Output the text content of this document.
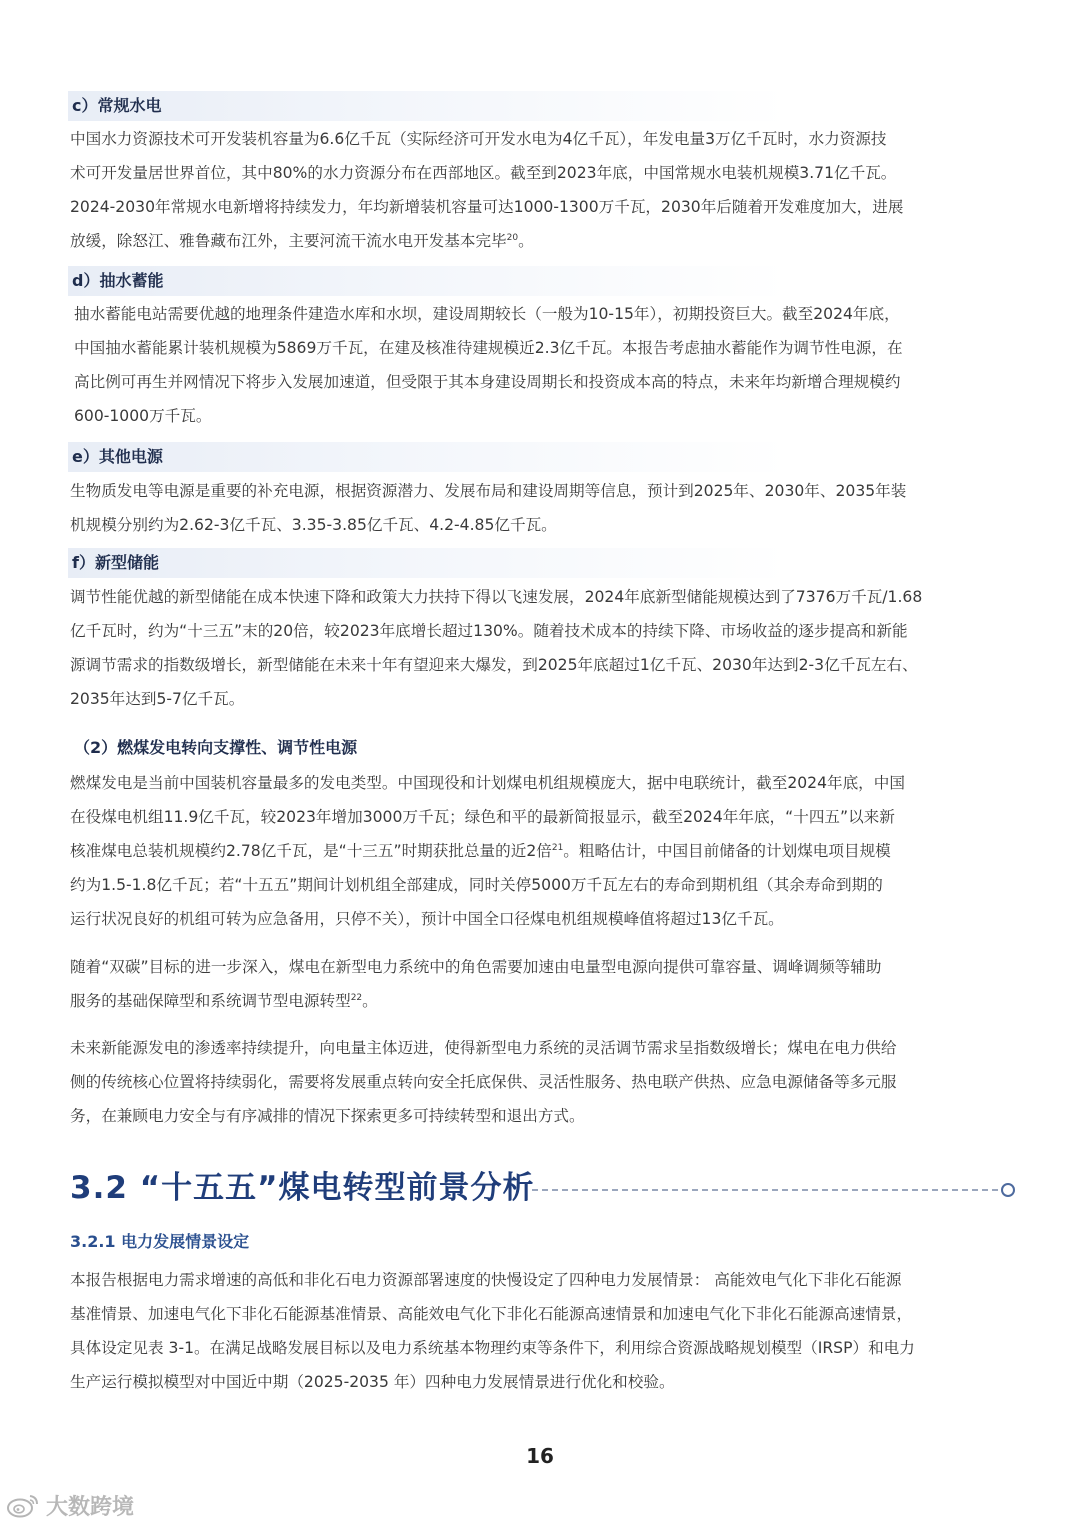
c）常规水电

中国水力资源技术可开发装机容量为6.6亿千瓦（实际经济可开发水电为4亿千瓦），年发电量3万亿千瓦时，水力资源技
术可开发量居世界首位，其中80%的水力资源分布在西部地区。截至到2023年底，中国常规水电装机规模3.71亿千瓦。
2024-2030年常规水电新增将持续发力，年均新增装机容量可达1000-1300万千瓦，2030年后随着开发难度加大，进展
放缓，除怒江、雅鲁藏布江外，主要河流干流水电开发基本完毕$^{20}$。

d）抽水蓄能

抽水蓄能电站需要优越的地理条件建造水库和水坝，建设周期较长（一般为10-15年），初期投资巨大。截至2024年底，
中国抽水蓄能累计装机规模为5869万千瓦，在建及核准待建规模近2.3亿千瓦。本报告考虑抽水蓄能作为调节性电源，在
高比例可再生并网情况下将步入发展加速道，但受限于其本身建设周期长和投资成本高的特点，未来年均新增合理规模约
600-1000万千瓦。

e）其他电源

生物质发电等电源是重要的补充电源，根据资源潜力、发展布局和建设周期等信息，预计到2025年、2030年、2035年装
机规模分别约为2.62-3亿千瓦、3.35-3.85亿千瓦、4.2-4.85亿千瓦。

f）新型储能

调节性能优越的新型储能在成本快速下降和政策大力扶持下得以飞速发展，2024年底新型储能规模达到了7376万千瓦/1.68
亿千瓦时，约为“十三五”末的20倍，较2023年底增长超过130%。随着技术成本的持续下降、市场收益的逐步提高和新能
源调节需求的指数级增长，新型储能在未来十年有望迎来大爆发，到2025年底超过1亿千瓦、2030年达到2-3亿千瓦左右、
2035年达到5-7亿千瓦。

（2）燃煤发电转向支撑性、调节性电源

燃煤发电是当前中国装机容量最多的发电类型。中国现役和计划煤电机组规模庞大，据中电联统计，截至2024年底，中国
在役煤电机组11.9亿千瓦，较2023年增加3000万千瓦；绿色和平的最新简报显示，截至2024年年底，“十四五”以来新
核准煤电总装机规模约2.78亿千瓦，是“十三五”时期获批总量的近2倍$^{21}$。粗略估计，中国目前储备的计划煤电项目规模
约为1.5-1.8亿千瓦；若“十五五”期间计划机组全部建成，同时关停5000万千瓦左右的寿命到期机组（其余寿命到期的
运行状况良好的机组可转为应急备用，只停不关），预计中国全口径煤电机组规模峰值将超过13亿千瓦。

随着“双碳”目标的进一步深入，煤电在新型电力系统中的角色需要加速由电量型电源向提供可靠容量、调峰调频等辅助
服务的基础保障型和系统调节型电源转型$^{22}$。

未来新能源发电的渗透率持续提升，向电量主体迈进，使得新型电力系统的灵活调节需求呈指数级增长；煤电在电力供给
侧的传统核心位置将持续弱化，需要将发展重点转向安全托底保供、灵活性服务、热电联产供热、应急电源储备等多元服
务，在兼顾电力安全与有序减排的情况下探索更多可持续转型和退出方式。

3.2 “十五五”煤电转型前景分析
3.2.1 电力发展情景设定

本报告根据电力需求增速的高低和非化石电力资源部署速度的快慢设定了四种电力发展情景： 高能效电气化下非化石能源
基准情景、加速电气化下非化石能源基准情景、高能效电气化下非化石能源高速情景和加速电气化下非化石能源高速情景，
具体设定见表 3-1。在满足战略发展目标以及电力系统基本物理约束等条件下，利用综合资源战略规划模型（IRSP）和电力
生产运行模拟模型对中国近中期（2025-2035 年）四种电力发展情景进行优化和校验。

16
大数跨境
